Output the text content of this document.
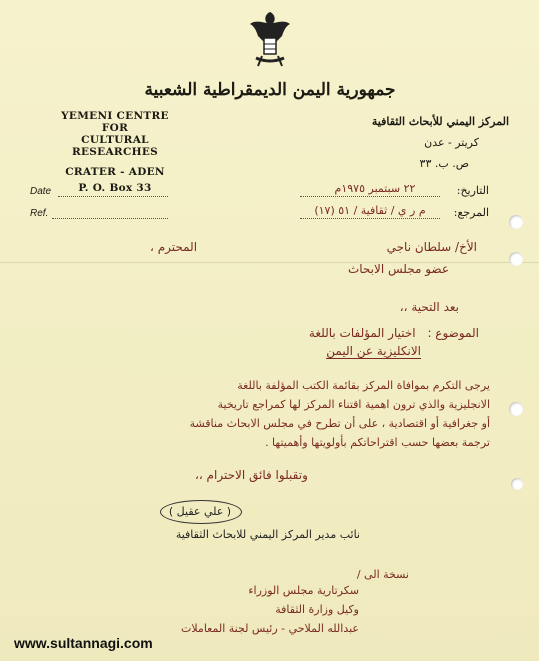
جمهورية اليمن الديمقراطية الشعبية
YEMENI CENTRE
FOR
CULTURAL RESEARCHES
CRATER - ADEN
P. O. Box 33
المركز اليمني للأبحاث الثقافية
كريتر - عدن
ص. ب. ٣٣
Date
Ref.
التاريخ:
٢٢ سبتمبر ١٩٧٥م
المرجع:
م ر ي / ثقافية / ٥١ (١٧)
الأخ/ سلطان ناجي
المحترم ،
عضو مجلس الابحاث
بعد التحية ،،
الموضوع : اختيار المؤلفات باللغة
الانكليزية عن اليمن
يرجى التكرم بموافاة المركز بقائمة الكتب المؤلفة باللغة
الانجليزية والذي ترون اهمية اقتناء المركز لها كمراجع تاريخية
أو جغرافية أو اقتصادية ، على أن تطرح في مجلس الابحاث مناقشة
ترجمة بعضها حسب اقتراحاتكم بأولويتها وأهميتها .
وتقبلوا فائق الاحترام ،،
( علي عقيل )
نائب مدير المركز اليمني للابحاث الثقافية
نسخة الى /
سكرتارية مجلس الوزراء
وكيل وزارة الثقافة
عبدالله الملاحي - رئيس لجنة المعاملات
www.sultannagi.com
